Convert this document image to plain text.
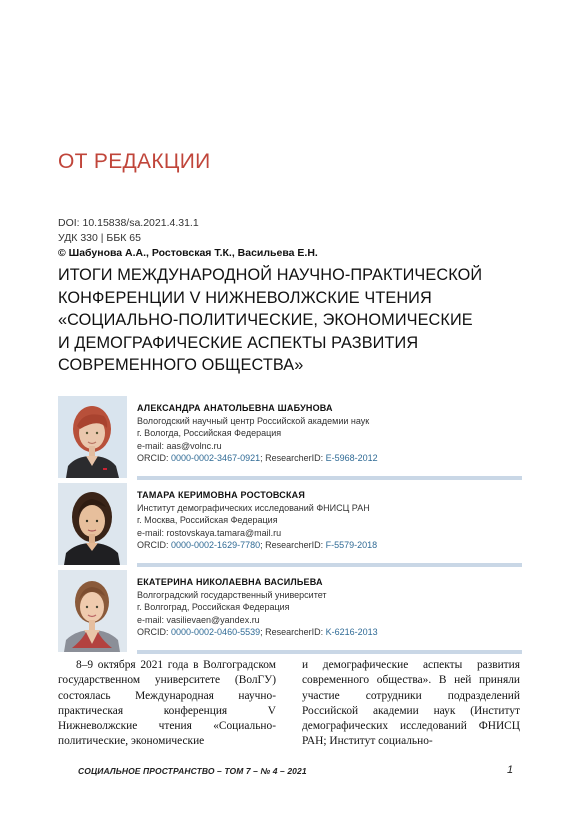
ОТ РЕДАКЦИИ
DOI: 10.15838/sa.2021.4.31.1
УДК 330 | ББК 65
© Шабунова А.А., Ростовская Т.К., Васильева Е.Н.
ИТОГИ МЕЖДУНАРОДНОЙ НАУЧНО-ПРАКТИЧЕСКОЙ
КОНФЕРЕНЦИИ V НИЖНЕВОЛЖСКИЕ ЧТЕНИЯ
«СОЦИАЛЬНО-ПОЛИТИЧЕСКИЕ, ЭКОНОМИЧЕСКИЕ
И ДЕМОГРАФИЧЕСКИЕ АСПЕКТЫ РАЗВИТИЯ
СОВРЕМЕННОГО ОБЩЕСТВА»
АЛЕКСАНДРА АНАТОЛЬЕВНА ШАБУНОВА
Вологодский научный центр Российской академии наук
г. Вологда, Российская Федерация
e-mail: aas@volnc.ru
ORCID: 0000-0002-3467-0921; ResearcherID: E-5968-2012
ТАМАРА КЕРИМОВНА РОСТОВСКАЯ
Институт демографических исследований ФНИСЦ РАН
г. Москва, Российская Федерация
e-mail: rostovskaya.tamara@mail.ru
ORCID: 0000-0002-1629-7780; ResearcherID: F-5579-2018
ЕКАТЕРИНА НИКОЛАЕВНА ВАСИЛЬЕВА
Волгоградский государственный университет
г. Волгоград, Российская Федерация
e-mail: vasilievaen@yandex.ru
ORCID: 0000-0002-0460-5539; ResearcherID: K-6216-2013

8–9 октября 2021 года в Волгоградском государственном университете (ВолГУ) состоялась Международная научно-практическая конференция V Нижневолжские чтения «Социально-политические, экономические

и демографические аспекты развития современного общества». В ней приняли участие сотрудники подразделений Российской академии наук (Институт демографических исследований ФНИСЦ РАН; Институт социально-

СОЦИАЛЬНОЕ ПРОСТРАНСТВО – ТОМ 7 – № 4 – 2021	1
